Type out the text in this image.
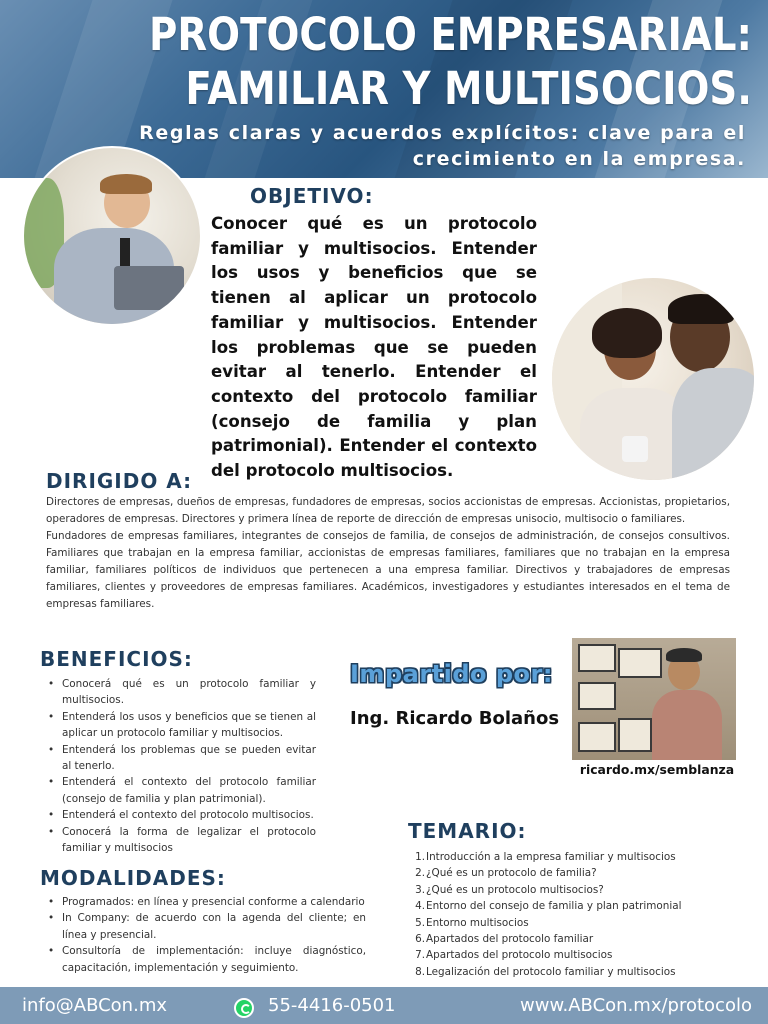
PROTOCOLO EMPRESARIAL: FAMILIAR Y MULTISOCIOS.
Reglas claras y acuerdos explícitos: clave para el crecimiento en la empresa.
OBJETIVO:
Conocer qué es un protocolo familiar y multisocios. Entender los usos y beneficios que se tienen al aplicar un protocolo familiar y multisocios. Entender los problemas que se pueden evitar al tenerlo. Entender el contexto del protocolo familiar (consejo de familia y plan patrimonial). Entender el contexto del protocolo multisocios.
DIRIGIDO A:

Directores de empresas, dueños de empresas, fundadores de empresas, socios accionistas de empresas. Accionistas, propietarios, operadores de empresas. Directores y primera línea de reporte de dirección de empresas unisocio, multisocio o familiares.

Fundadores de empresas familiares, integrantes de consejos de familia, de consejos de administración, de consejos consultivos. Familiares que trabajan en la empresa familiar, accionistas de empresas familiares, familiares que no trabajan en la empresa familiar, familiares políticos de individuos que pertenecen a una empresa familiar. Directivos y trabajadores de empresas familiares, clientes y proveedores de empresas familiares. Académicos, investigadores y estudiantes interesados en el tema de empresas familiares.

BENEFICIOS:
• Conocerá qué es un protocolo familiar y multisocios.
• Entenderá los usos y beneficios que se tienen al aplicar un protocolo familiar y multisocios.
• Entenderá los problemas que se pueden evitar al tenerlo.
• Entenderá el contexto del protocolo familiar (consejo de familia y plan patrimonial).
• Entenderá el contexto del protocolo multisocios.
• Conocerá la forma de legalizar el protocolo familiar y multisocios
MODALIDADES:
• Programados: en línea y presencial conforme a calendario
• In Company: de acuerdo con la agenda del cliente; en línea y presencial.
• Consultoría de implementación: incluye diagnóstico, capacitación, implementación y seguimiento.
Impartido por:
Ing. Ricardo Bolaños
ricardo.mx/semblanza
TEMARIO:
1.Introducción a la empresa familiar y multisocios
2.¿Qué es un protocolo de familia?
3.¿Qué es un protocolo multisocios?
4.Entorno del consejo de familia y plan patrimonial
5.Entorno multisocios
6.Apartados del protocolo familiar
7.Apartados del protocolo multisocios
8.Legalización del protocolo familiar y multisocios
info@ABCon.mx	55-4416-0501	www.ABCon.mx/protocolo
